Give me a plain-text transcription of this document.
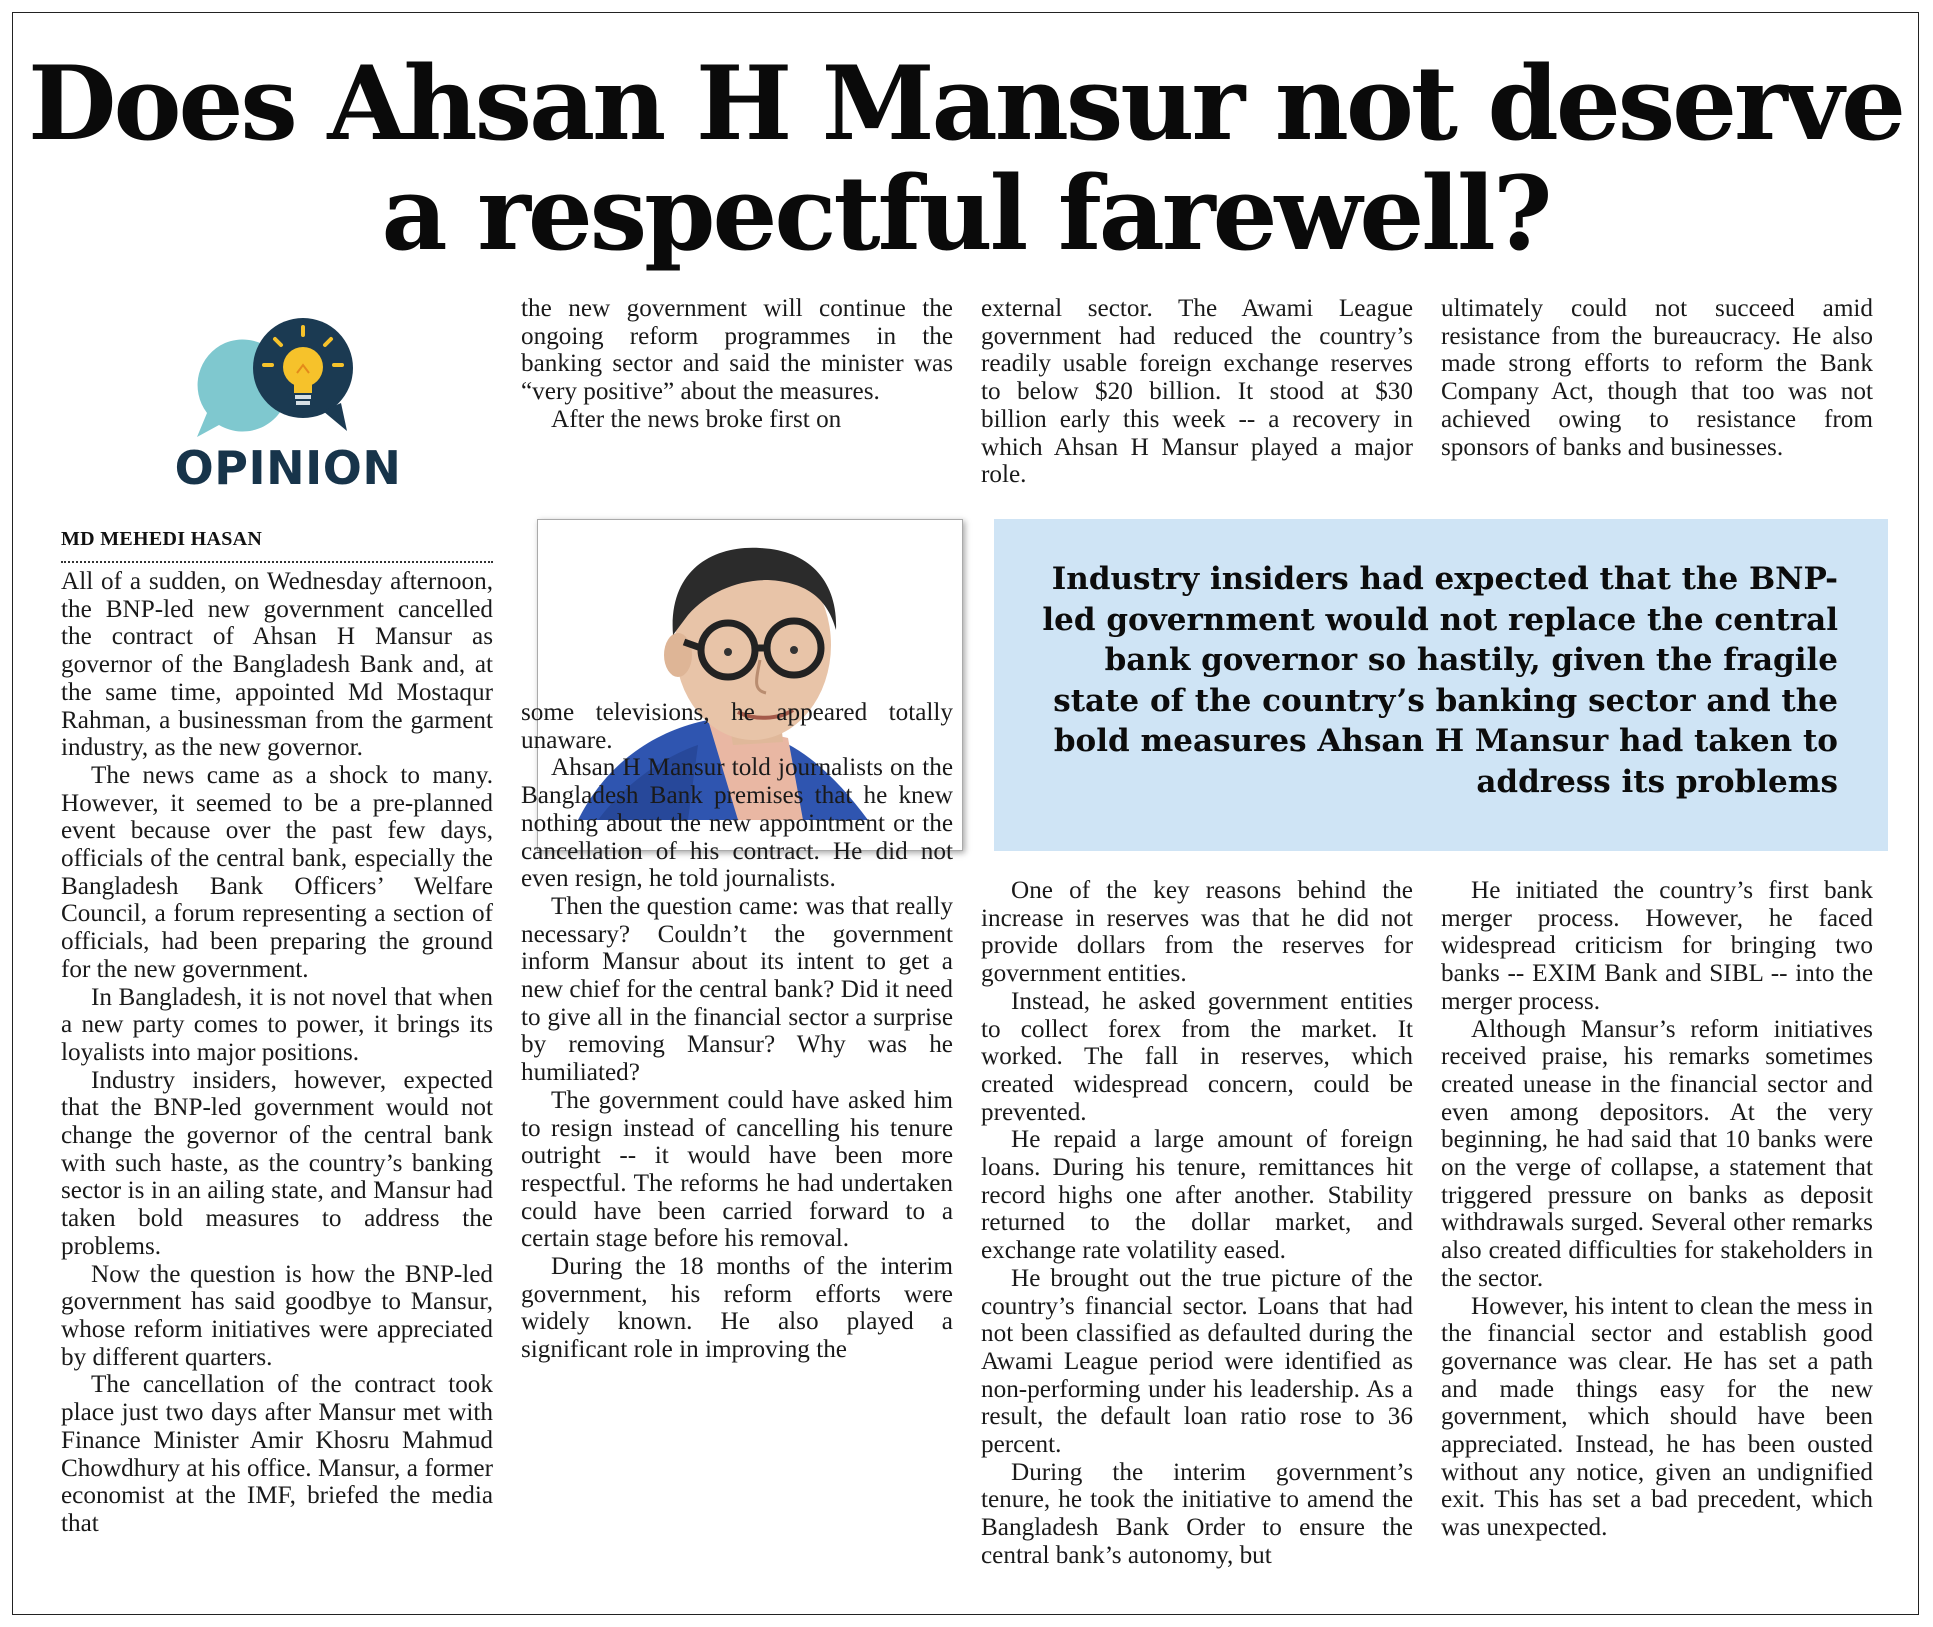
Does Ahsan H Mansur not deserve
a respectful farewell?
OPINION
MD MEHEDI HASAN

All of a sudden, on Wednesday afternoon, the BNP-led new government cancelled the contract of Ahsan H Mansur as governor of the Bangladesh Bank and, at the same time, appointed Md Mostaqur Rahman, a businessman from the garment industry, as the new governor.

The news came as a shock to many. However, it seemed to be a pre-planned event because over the past few days, officials of the central bank, especially the Bangladesh Bank Officers’ Welfare Council, a forum representing a section of officials, had been preparing the ground for the new government.

In Bangladesh, it is not novel that when a new party comes to power, it brings its loyalists into major positions.

Industry insiders, however, expected that the BNP-led government would not change the governor of the central bank with such haste, as the country’s banking sector is in an ailing state, and Mansur had taken bold measures to address the problems.

Now the question is how the BNP-led government has said goodbye to Mansur, whose reform initiatives were appreciated by different quarters.

The cancellation of the contract took place just two days after Mansur met with Finance Minister Amir Khosru Mahmud Chowdhury at his office. Mansur, a former economist at the IMF, briefed the media that

the new government will continue the ongoing reform programmes in the banking sector and said the minister was “very positive” about the measures.

After the news broke first on

some televisions, he appeared totally unaware.

Ahsan H Mansur told journalists on the Bangladesh Bank premises that he knew nothing about the new appointment or the cancellation of his contract. He did not even resign, he told journalists.

Then the question came: was that really necessary? Couldn’t the government inform Mansur about its intent to get a new chief for the central bank? Did it need to give all in the financial sector a surprise by removing Mansur? Why was he humiliated?

The government could have asked him to resign instead of cancelling his tenure outright -- it would have been more respectful. The reforms he had undertaken could have been carried forward to a certain stage before his removal.

During the 18 months of the interim government, his reform efforts were widely known. He also played a significant role in improving the

external sector. The Awami League government had reduced the country’s readily usable foreign exchange reserves to below $20 billion. It stood at $30 billion early this week -- a recovery in which Ahsan H Mansur played a major role.

ultimately could not succeed amid resistance from the bureaucracy. He also made strong efforts to reform the Bank Company Act, though that too was not achieved owing to resistance from sponsors of banks and businesses.

Industry insiders had expected that the BNP-led government would not replace the central bank governor so hastily, given the fragile state of the country’s banking sector and the bold measures Ahsan H Mansur had taken to address its problems

One of the key reasons behind the increase in reserves was that he did not provide dollars from the reserves for government entities.

Instead, he asked government entities to collect forex from the market. It worked. The fall in reserves, which created widespread concern, could be prevented.

He repaid a large amount of foreign loans. During his tenure, remittances hit record highs one after another. Stability returned to the dollar market, and exchange rate volatility eased.

He brought out the true picture of the country’s financial sector. Loans that had not been classified as defaulted during the Awami League period were identified as non-performing under his leadership. As a result, the default loan ratio rose to 36 percent.

During the interim government’s tenure, he took the initiative to amend the Bangladesh Bank Order to ensure the central bank’s autonomy, but

He initiated the country’s first bank merger process. However, he faced widespread criticism for bringing two banks -- EXIM Bank and SIBL -- into the merger process.

Although Mansur’s reform initiatives received praise, his remarks sometimes created unease in the financial sector and even among depositors. At the very beginning, he had said that 10 banks were on the verge of collapse, a statement that triggered pressure on banks as deposit withdrawals surged. Several other remarks also created difficulties for stakeholders in the sector.

However, his intent to clean the mess in the financial sector and establish good governance was clear. He has set a path and made things easy for the new government, which should have been appreciated. Instead, he has been ousted without any notice, given an undignified exit. This has set a bad precedent, which was unexpected.
